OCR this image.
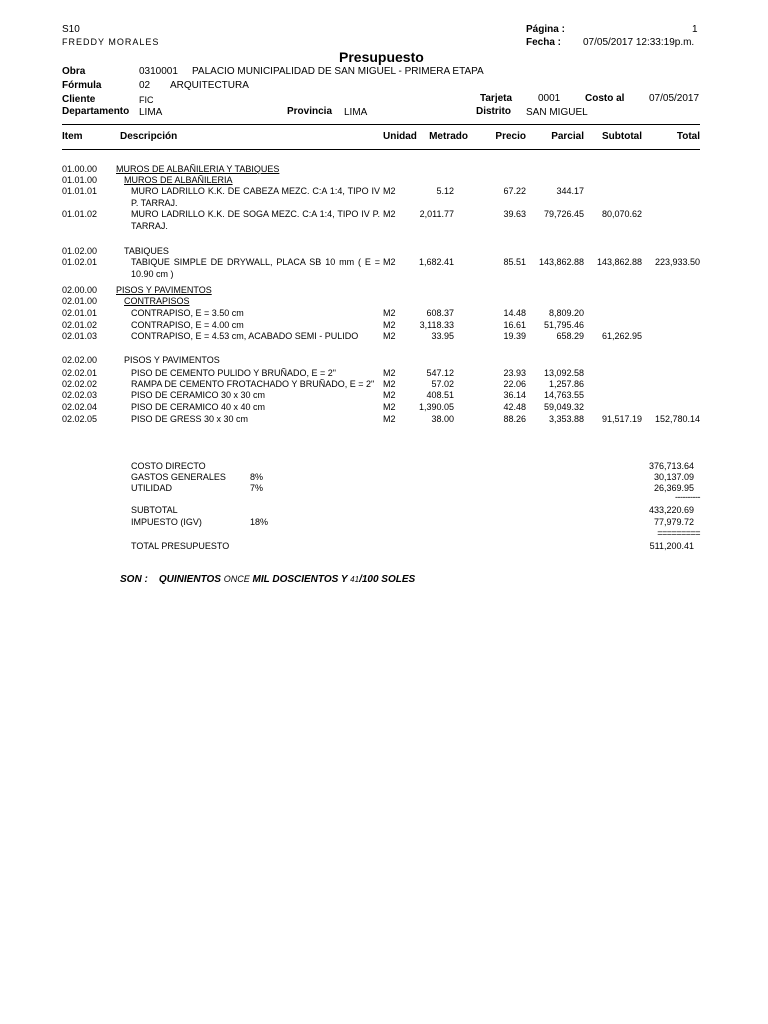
S10
FREDDY MORALES
Página :	1
Fecha : 07/05/2017 12:33:19p.m.
Presupuesto
Obra	0310001 PALACIO MUNICIPALIDAD DE SAN MIGUEL - PRIMERA ETAPA
Fórmula	02 ARQUITECTURA
Cliente	FIC	Tarjeta	0001 Costo al 07/05/2017
Departamento LIMA	Provincia LIMA	Distrito SAN MIGUEL
Item	Descripción	Unidad	Metrado	Precio	Parcial	Subtotal	Total
01.00.00 MUROS DE ALBAÑILERIA Y TABIQUES
01.01.00	MUROS DE ALBAÑILERIA
01.01.01	MURO LADRILLO K.K. DE CABEZA MEZC. C:A 1:4, TIPO IV P. TARRAJ.
M2	5.12	67.22	344.17
01.01.02	MURO LADRILLO K.K. DE SOGA MEZC. C:A 1:4, TIPO IV P. TARRAJ.
M2	2,011.77	39.63	79,726.45	80,070.62
01.02.00	TABIQUES
01.02.01	TABIQUE SIMPLE DE DRYWALL, PLACA SB 10 mm ( E = 10.90 cm )
M2	1,682.41	85.51	143,862.88	143,862.88	223,933.50
02.00.00 PISOS Y PAVIMENTOS
02.01.00	CONTRAPISOS
02.01.01	CONTRAPISO, E = 3.50 cm	M2	608.37	14.48	8,809.20
02.01.02	CONTRAPISO, E = 4.00 cm	M2	3,118.33	16.61	51,795.46
02.01.03	CONTRAPISO, E = 4.53 cm, ACABADO SEMI - PULIDO	M2	33.95	19.39	658.29	61,262.95
02.02.00	PISOS Y PAVIMENTOS
02.02.01	PISO DE CEMENTO PULIDO Y BRUÑADO, E = 2"	M2	547.12	23.93	13,092.58
02.02.02	RAMPA DE CEMENTO FROTACHADO Y BRUÑADO, E = 2" M2	57.02	22.06	1,257.86
02.02.03	PISO DE CERAMICO 30 x 30 cm	M2	408.51	36.14	14,763.55
02.02.04	PISO DE CERAMICO 40 x 40 cm	M2	1,390.05	42.48	59,049.32
02.02.05	PISO DE GRESS 30 x 30 cm	M2	38.00	88.26	3,353.88	91,517.19	152,780.14
COSTO DIRECTO	376,713.64
GASTOS GENERALES	8%	30,137.09
UTILIDAD	7%	26,369.95
----------
SUBTOTAL	433,220.69
IMPUESTO (IGV)	18%	77,979.72
=========
TOTAL PRESUPUESTO	511,200.41
SON : QUINIENTOS ONCE MIL DOSCIENTOS Y 41/100 SOLES
